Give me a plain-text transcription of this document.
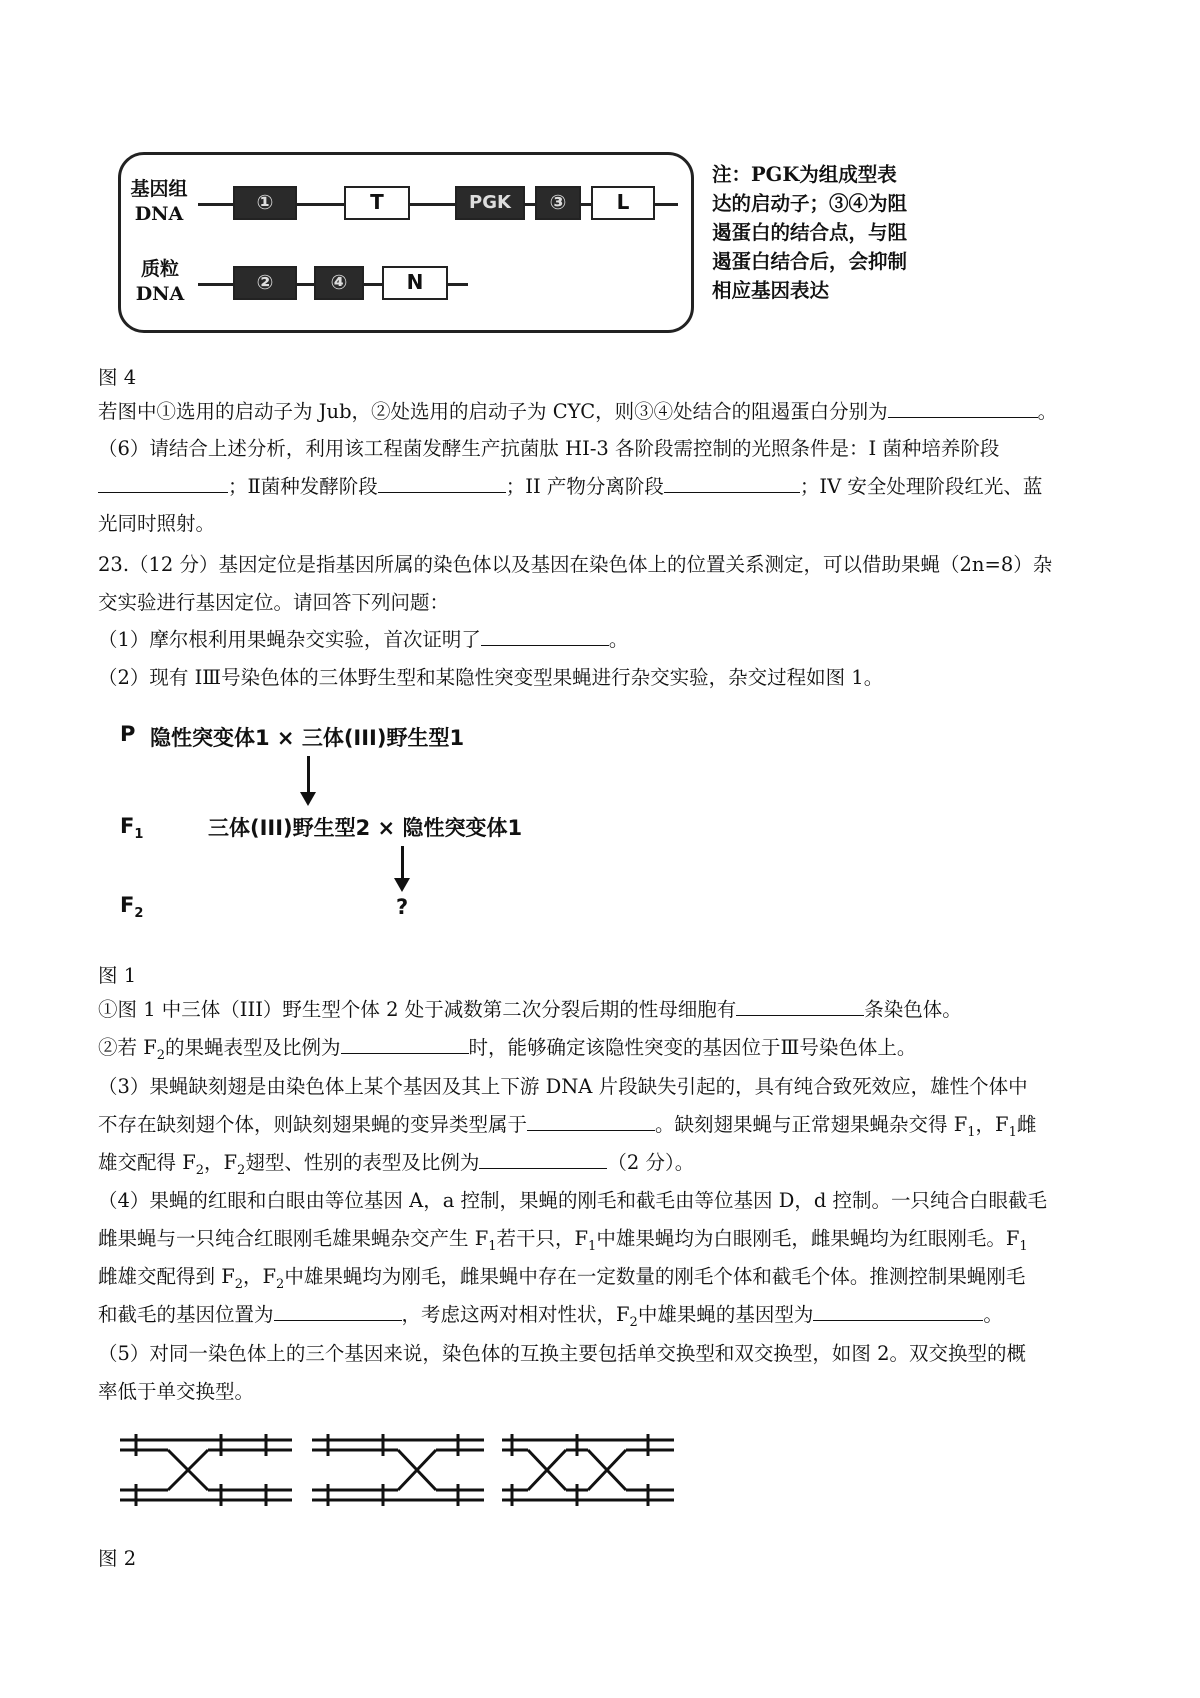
基因组
DNA
质粒
DNA
①	T	PGK	③	L
②	④	N
注：PGK为组成型表达的启动子；③④为阻遏蛋白的结合点，与阻遏蛋白结合后，会抑制相应基因表达
图 4
若图中①选用的启动子为 Jub，②处选用的启动子为 CYC，则③④处结合的阻遏蛋白分别为	。
（6）请结合上述分析，利用该工程菌发酵生产抗菌肽 HI-3 各阶段需控制的光照条件是：I 菌种培养阶段
；Ⅱ菌种发酵阶段	；II 产物分离阶段	；IV 安全处理阶段红光、蓝
光同时照射。
23.（12 分）基因定位是指基因所属的染色体以及基因在染色体上的位置关系测定，可以借助果蝇（2n=8）杂
交实验进行基因定位。请回答下列问题：
（1）摩尔根利用果蝇杂交实验，首次证明了	。
（2）现有 IⅢ号染色体的三体野生型和某隐性突变型果蝇进行杂交实验，杂交过程如图 1。
P 隐性突变体1 × 三体(III)野生型1
$F_1$	三体(III)野生型2 × 隐性突变体1
$F_2$	?
图 1
①图 1 中三体（III）野生型个体 2 处于减数第二次分裂后期的性母细胞有	条染色体。
②若 $F_2$的果蝇表型及比例为	时，能够确定该隐性突变的基因位于Ⅲ号染色体上。
（3）果蝇缺刻翅是由染色体上某个基因及其上下游 DNA 片段缺失引起的，具有纯合致死效应，雄性个体中
不存在缺刻翅个体，则缺刻翅果蝇的变异类型属于	。缺刻翅果蝇与正常翅果蝇杂交得 $F_1$，$F_1$雌
雄交配得 $F_2$，$F_2$翅型、性别的表型及比例为	（2 分）。
（4）果蝇的红眼和白眼由等位基因 A，a 控制，果蝇的刚毛和截毛由等位基因 D，d 控制。一只纯合白眼截毛
雌果蝇与一只纯合红眼刚毛雄果蝇杂交产生 $F_1$若干只，$F_1$中雄果蝇均为白眼刚毛，雌果蝇均为红眼刚毛。$F_1$
雌雄交配得到 $F_2$，$F_2$中雄果蝇均为刚毛，雌果蝇中存在一定数量的刚毛个体和截毛个体。推测控制果蝇刚毛
和截毛的基因位置为	，考虑这两对相对性状，$F_2$中雄果蝇的基因型为	。
（5）对同一染色体上的三个基因来说，染色体的互换主要包括单交换型和双交换型，如图 2。双交换型的概
率低于单交换型。
图 2
